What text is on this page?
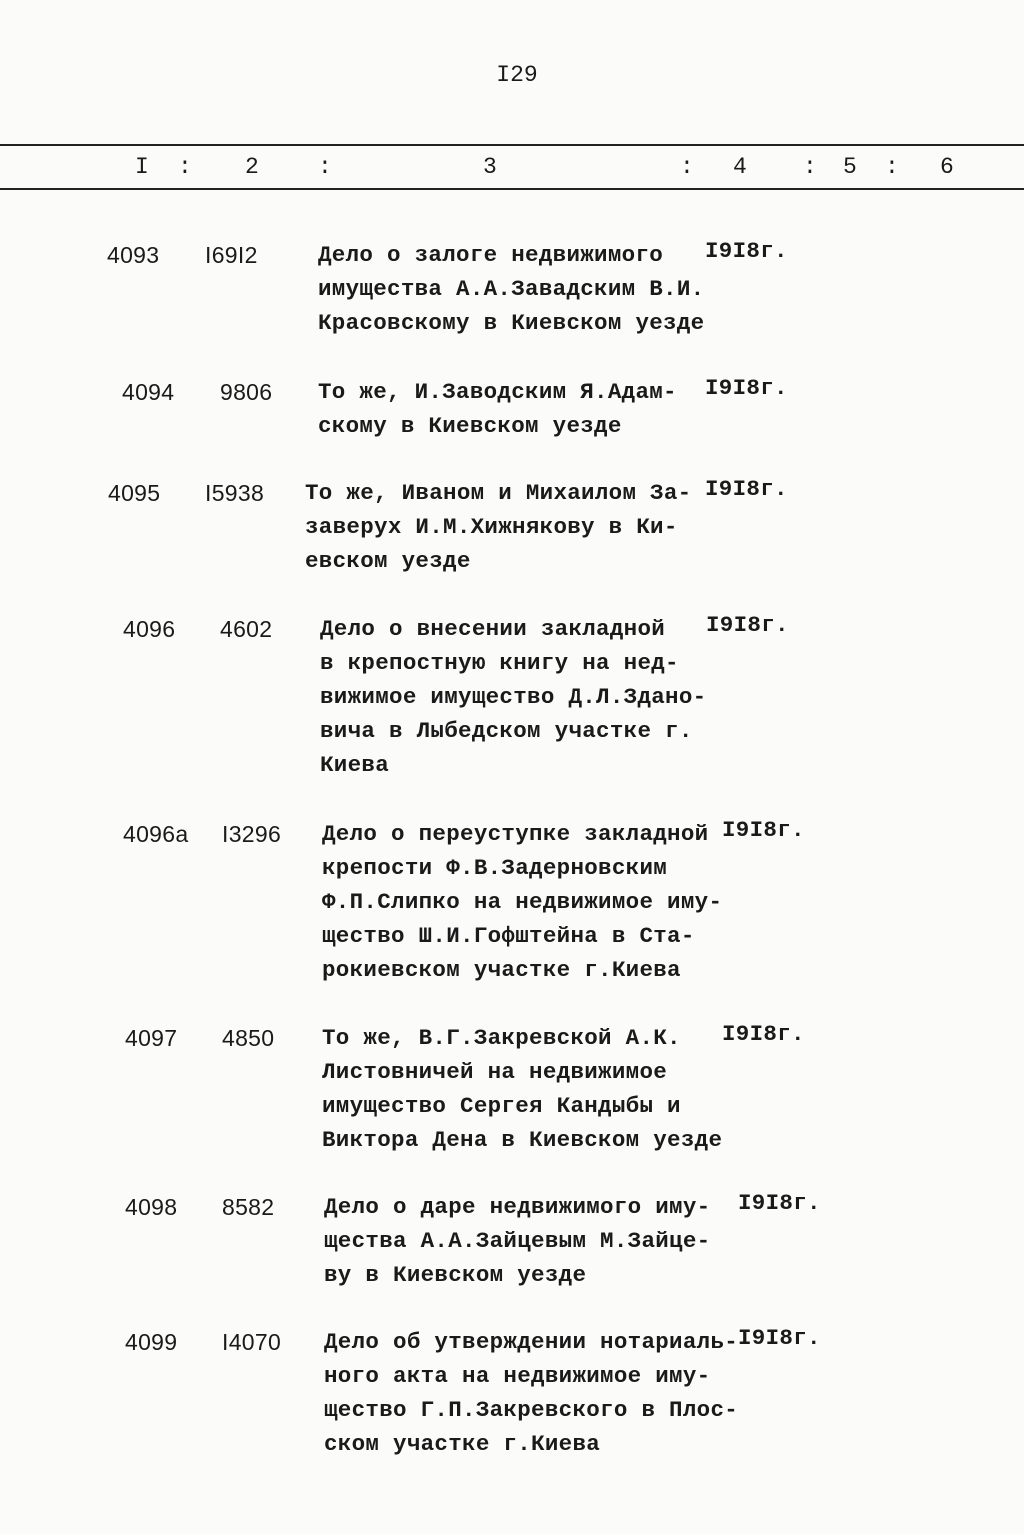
I29
I : 2	:	3	: 4 : 5 : 6
4093 I69I2	Дело о залоге недвижимого
имущества А.А.Завадским В.И.
Красовскому в Киевском уезде
I9I8г.
4094 9806 То же, И.Заводским Я.Адам-
скому в Киевском уезде
I9I8г.
4095 I5938 То же, Иваном и Михаилом За-
заверух И.М.Хижнякову в Ки-
евском уезде
I9I8г.
4096 4602 Дело о внесении закладной
в крепостную книгу на нед-
вижимое имущество Д.Л.Здано-
вича в Лыбедском участке г.
Киева
I9I8г.
4096а I3296 Дело о переуступке закладной
крепости Ф.В.Задерновским
Ф.П.Слипко на недвижимое иму-
щество Ш.И.Гофштейна в Ста-
рокиевском участке г.Киева
I9I8г.
4097 4850 То же, В.Г.Закревской А.К.
Листовничей на недвижимое
имущество Сергея Кандыбы и
Виктора Дена в Киевском уезде
I9I8г.
4098 8582 Дело о даре недвижимого иму-
щества А.А.Зайцевым М.Зайце-
ву в Киевском уезде
I9I8г.
4099 I4070 Дело об утверждении нотариаль-
ного акта на недвижимое иму-
щество Г.П.Закревского в Плос-
ском участке г.Киева
I9I8г.
